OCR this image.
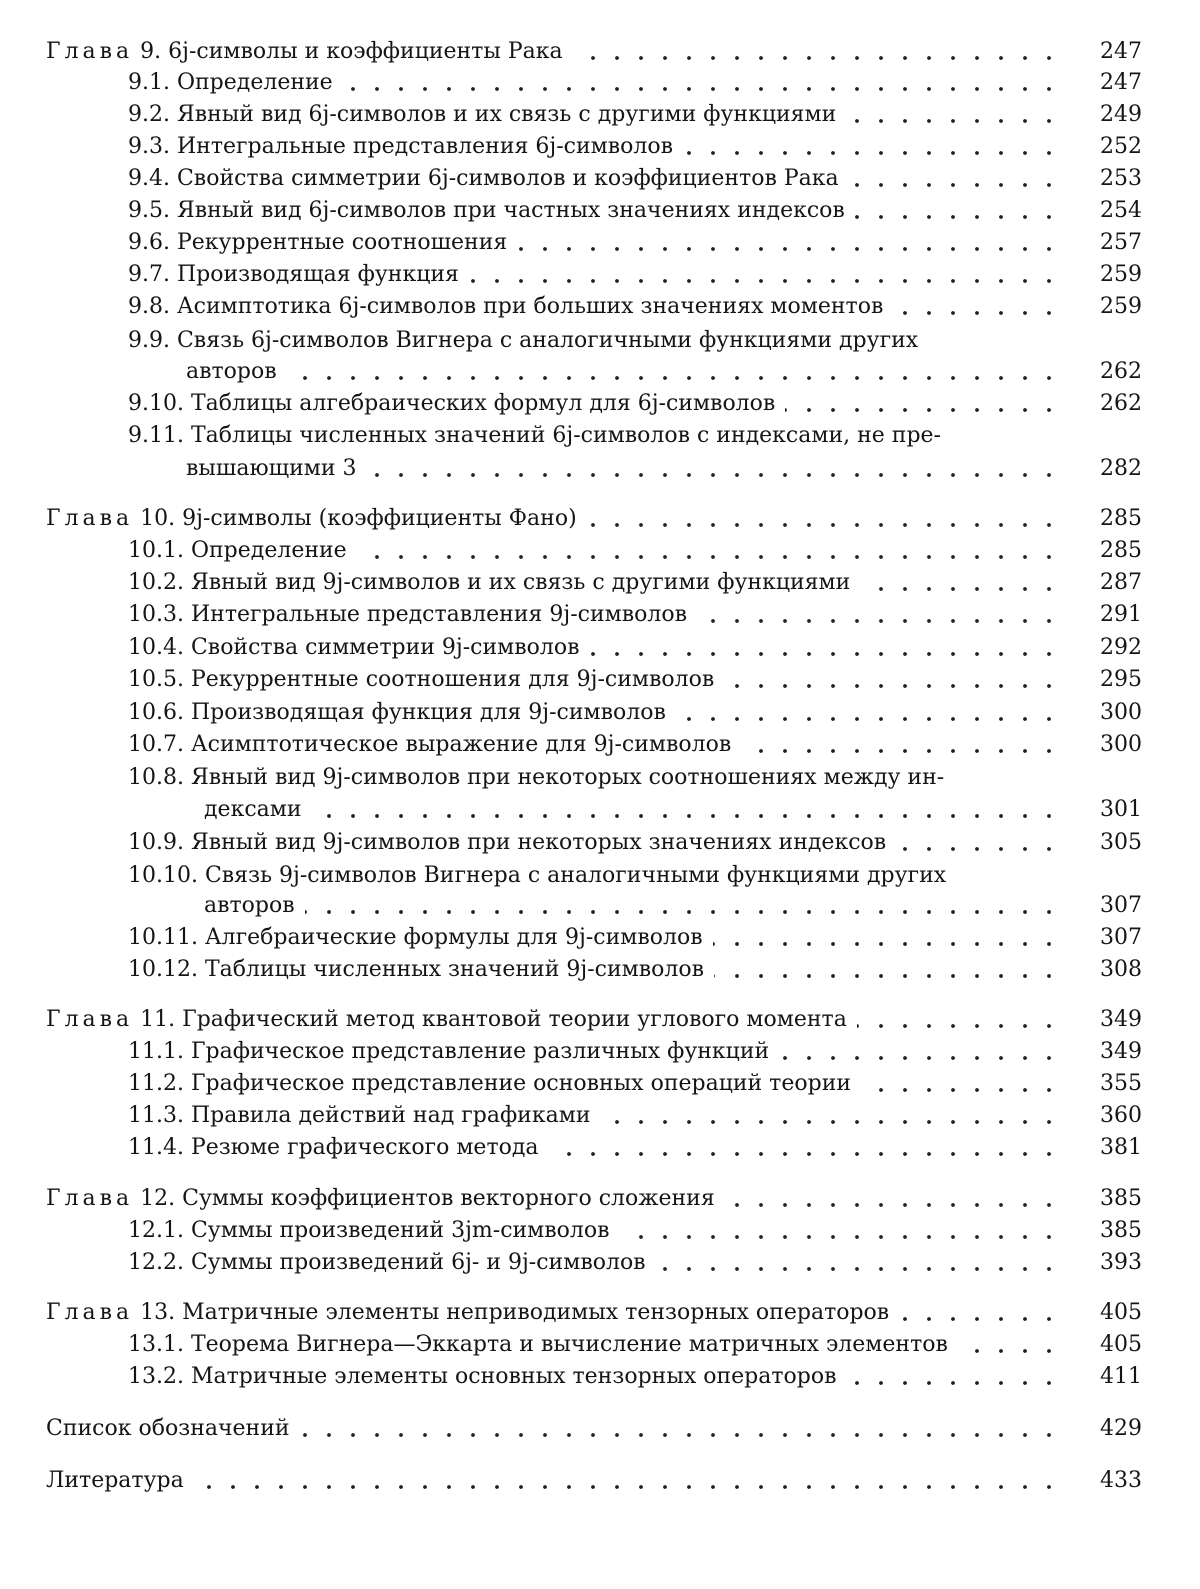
Глава 9. 6j-символы и коэффициенты Рака	247
9.1. Определение	247
9.2. Явный вид 6j-символов и их связь с другими функциями	249
9.3. Интегральные представления 6j-символов	252
9.4. Свойства симметрии 6j-символов и коэффициентов Рака	253
9.5. Явный вид 6j-символов при частных значениях индексов	254
9.6. Рекуррентные соотношения	257
9.7. Производящая функция	259
9.8. Асимптотика 6j-символов при больших значениях моментов	259
9.9. Связь 6j-символов Вигнера с аналогичными функциями других
авторов	262
9.10. Таблицы алгебраических формул для 6j-символов	262
9.11. Таблицы численных значений 6j-символов с индексами, не пре-
вышающими 3	282
Глава 10. 9j-символы (коэффициенты Фано)	285
10.1. Определение	285
10.2. Явный вид 9j-символов и их связь с другими функциями	287
10.3. Интегральные представления 9j-символов	291
10.4. Свойства симметрии 9j-символов	292
10.5. Рекуррентные соотношения для 9j-символов	295
10.6. Производящая функция для 9j-символов	300
10.7. Асимптотическое выражение для 9j-символов	300
10.8. Явный вид 9j-символов при некоторых соотношениях между ин-
дексами	301
10.9. Явный вид 9j-символов при некоторых значениях индексов	305
10.10. Связь 9j-символов Вигнера с аналогичными функциями других
авторов	307
10.11. Алгебраические формулы для 9j-символов	307
10.12. Таблицы численных значений 9j-символов	308
Глава 11. Графический метод квантовой теории углового момента	349
11.1. Графическое представление различных функций	349
11.2. Графическое представление основных операций теории	355
11.3. Правила действий над графиками	360
11.4. Резюме графического метода	381
Глава 12. Суммы коэффициентов векторного сложения	385
12.1. Суммы произведений 3jm-символов	385
12.2. Суммы произведений 6j- и 9j-символов	393
Глава 13. Матричные элементы неприводимых тензорных операторов	405
13.1. Теорема Вигнера—Эккарта и вычисление матричных элементов	405
13.2. Матричные элементы основных тензорных операторов	411
Список обозначений	429
Литература	433
